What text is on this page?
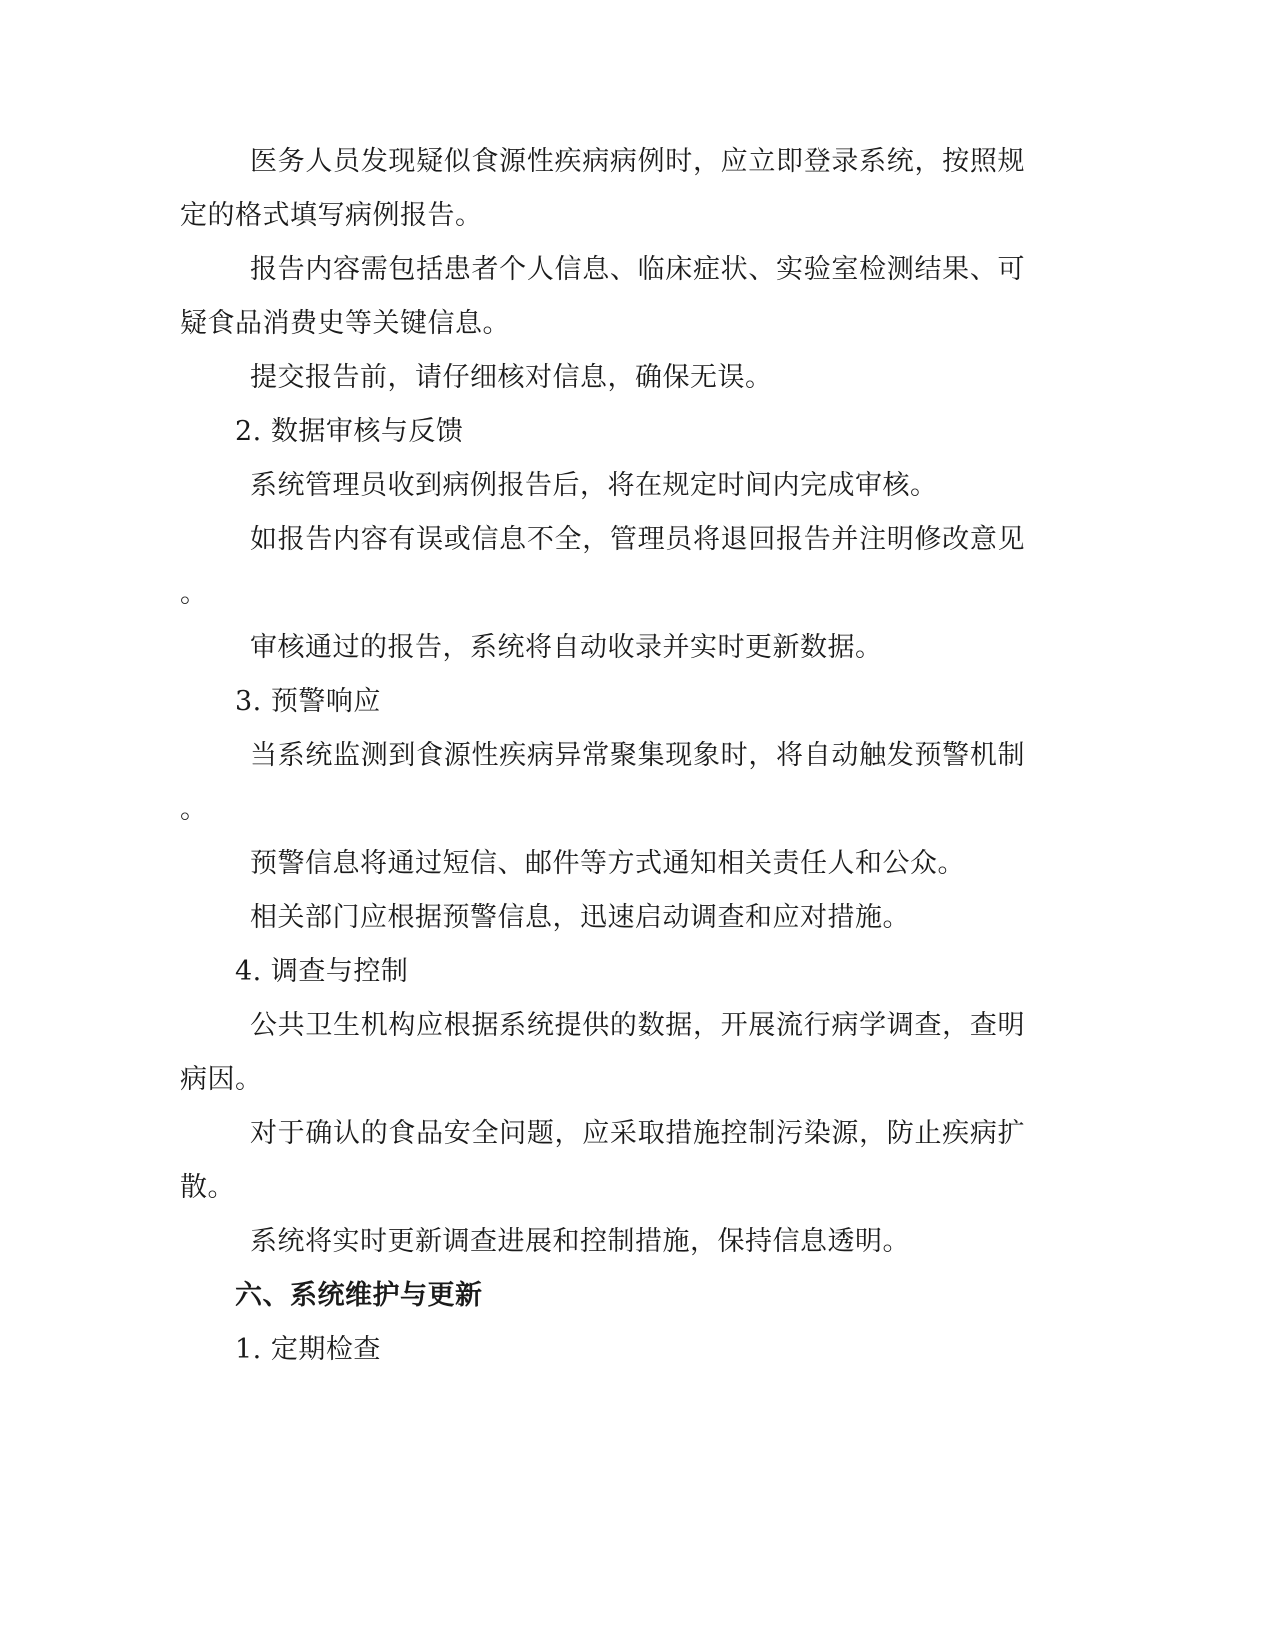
医务人员发现疑似食源性疾病病例时，应立即登录系统，按照规
定的格式填写病例报告。
报告内容需包括患者个人信息、临床症状、实验室检测结果、可
疑食品消费史等关键信息。
提交报告前，请仔细核对信息，确保无误。
2. 数据审核与反馈
系统管理员收到病例报告后，将在规定时间内完成审核。
如报告内容有误或信息不全，管理员将退回报告并注明修改意见
。
审核通过的报告，系统将自动收录并实时更新数据。
3. 预警响应
当系统监测到食源性疾病异常聚集现象时，将自动触发预警机制
。
预警信息将通过短信、邮件等方式通知相关责任人和公众。
相关部门应根据预警信息，迅速启动调查和应对措施。
4. 调查与控制
公共卫生机构应根据系统提供的数据，开展流行病学调查，查明
病因。
对于确认的食品安全问题，应采取措施控制污染源，防止疾病扩
散。
系统将实时更新调查进展和控制措施，保持信息透明。
六、系统维护与更新
1. 定期检查
